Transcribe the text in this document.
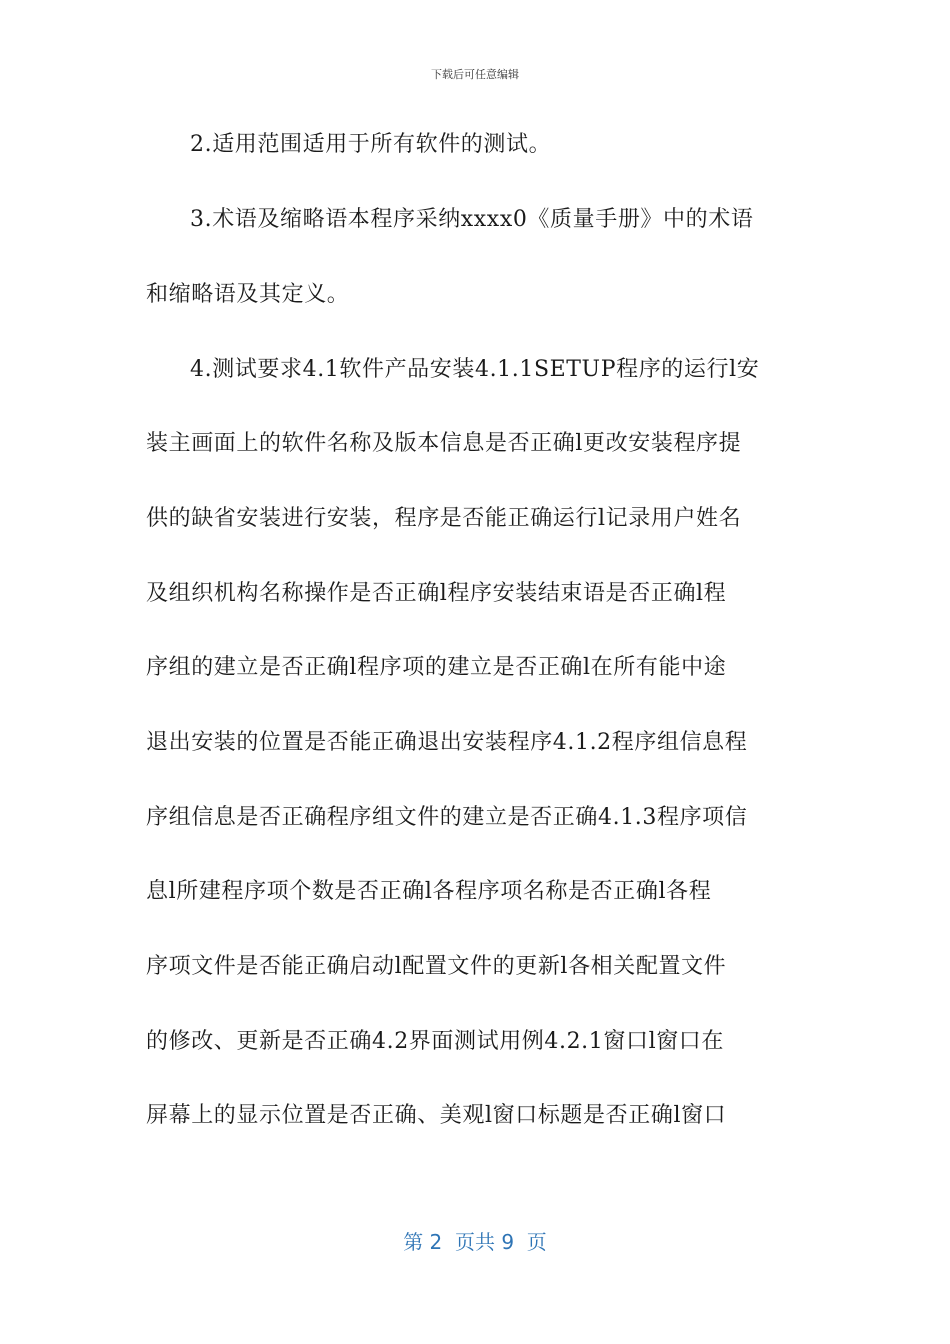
下载后可任意编辑
2.适用范围适用于所有软件的测试。
3.术语及缩略语本程序采纳xxxx0《质量手册》中的术语
和缩略语及其定义。
4.测试要求4.1软件产品安装4.1.1SETUP程序的运行l安
装主画面上的软件名称及版本信息是否正确l更改安装程序提
供的缺省安装进行安装，程序是否能正确运行l记录用户姓名
及组织机构名称操作是否正确l程序安装结束语是否正确l程
序组的建立是否正确l程序项的建立是否正确l在所有能中途
退出安装的位置是否能正确退出安装程序4.1.2程序组信息程
序组信息是否正确程序组文件的建立是否正确4.1.3程序项信
息l所建程序项个数是否正确l各程序项名称是否正确l各程
序项文件是否能正确启动l配置文件的更新l各相关配置文件
的修改、更新是否正确4.2界面测试用例4.2.1窗口l窗口在
屏幕上的显示位置是否正确、美观l窗口标题是否正确l窗口
第 2  页共 9  页
